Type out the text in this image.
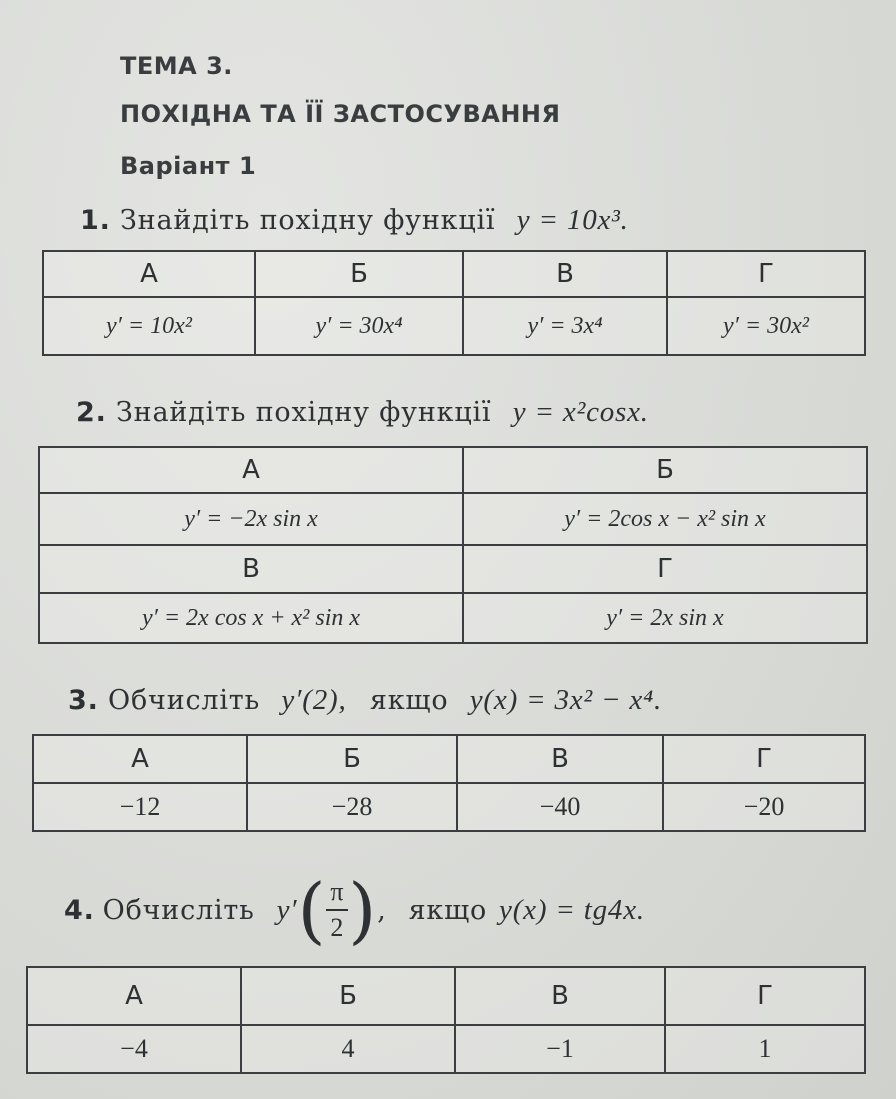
ТЕМА 3.
ПОХІДНА ТА ЇЇ ЗАСТОСУВАННЯ
Варіант 1
1. Знайдіть похідну функції y = 10x³.
А	Б	В	Г
y′ = 10x²	y′ = 30x⁴	y′ = 3x⁴	y′ = 30x²
2. Знайдіть похідну функції y = x²cosx.
А	Б
y′ = −2x sin x	y′ = 2cos x − x² sin x
В	Г
y′ = 2x cos x + x² sin x	y′ = 2x sin x
3. Обчисліть y′(2), якщо y(x) = 3x² − x⁴.
А	Б	В	Г
−12	−28	−40	−20
4. Обчисліть y′ ( $\frac{\pi}{2}$ ) , якщо y(x) = tg4x.
А	Б	В	Г
−4	4	−1	1
